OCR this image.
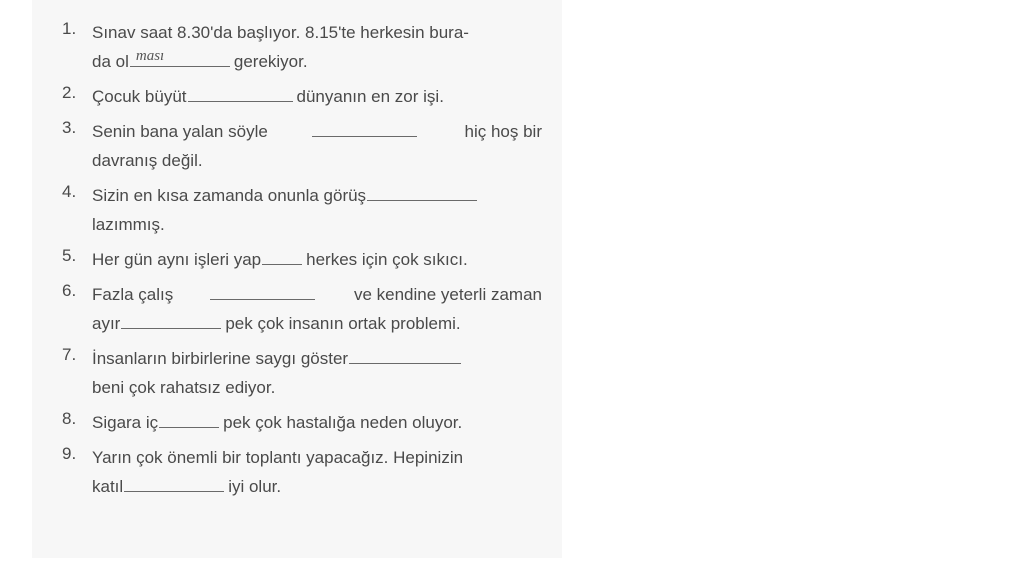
1. Sınav saat 8.30'da başlıyor. 8.15'te herkesin bura-
da ol ması	gerekiyor.
2. Çocuk büyüt	dünyanın en zor işi.
3. Senin bana yalan söyle	hiç hoş bir
davranış değil.
4. Sizin en kısa zamanda onunla görüş
lazımmış.
5. Her gün aynı işleri yap	herkes için çok sıkıcı.
6. Fazla çalış	ve kendine yeterli zaman
ayır	pek çok insanın ortak problemi.
7. İnsanların birbirlerine saygı göster
beni çok rahatsız ediyor.
8. Sigara iç	pek çok hastalığa neden oluyor.
9. Yarın çok önemli bir toplantı yapacağız. Hepinizin
katıl	iyi olur.
